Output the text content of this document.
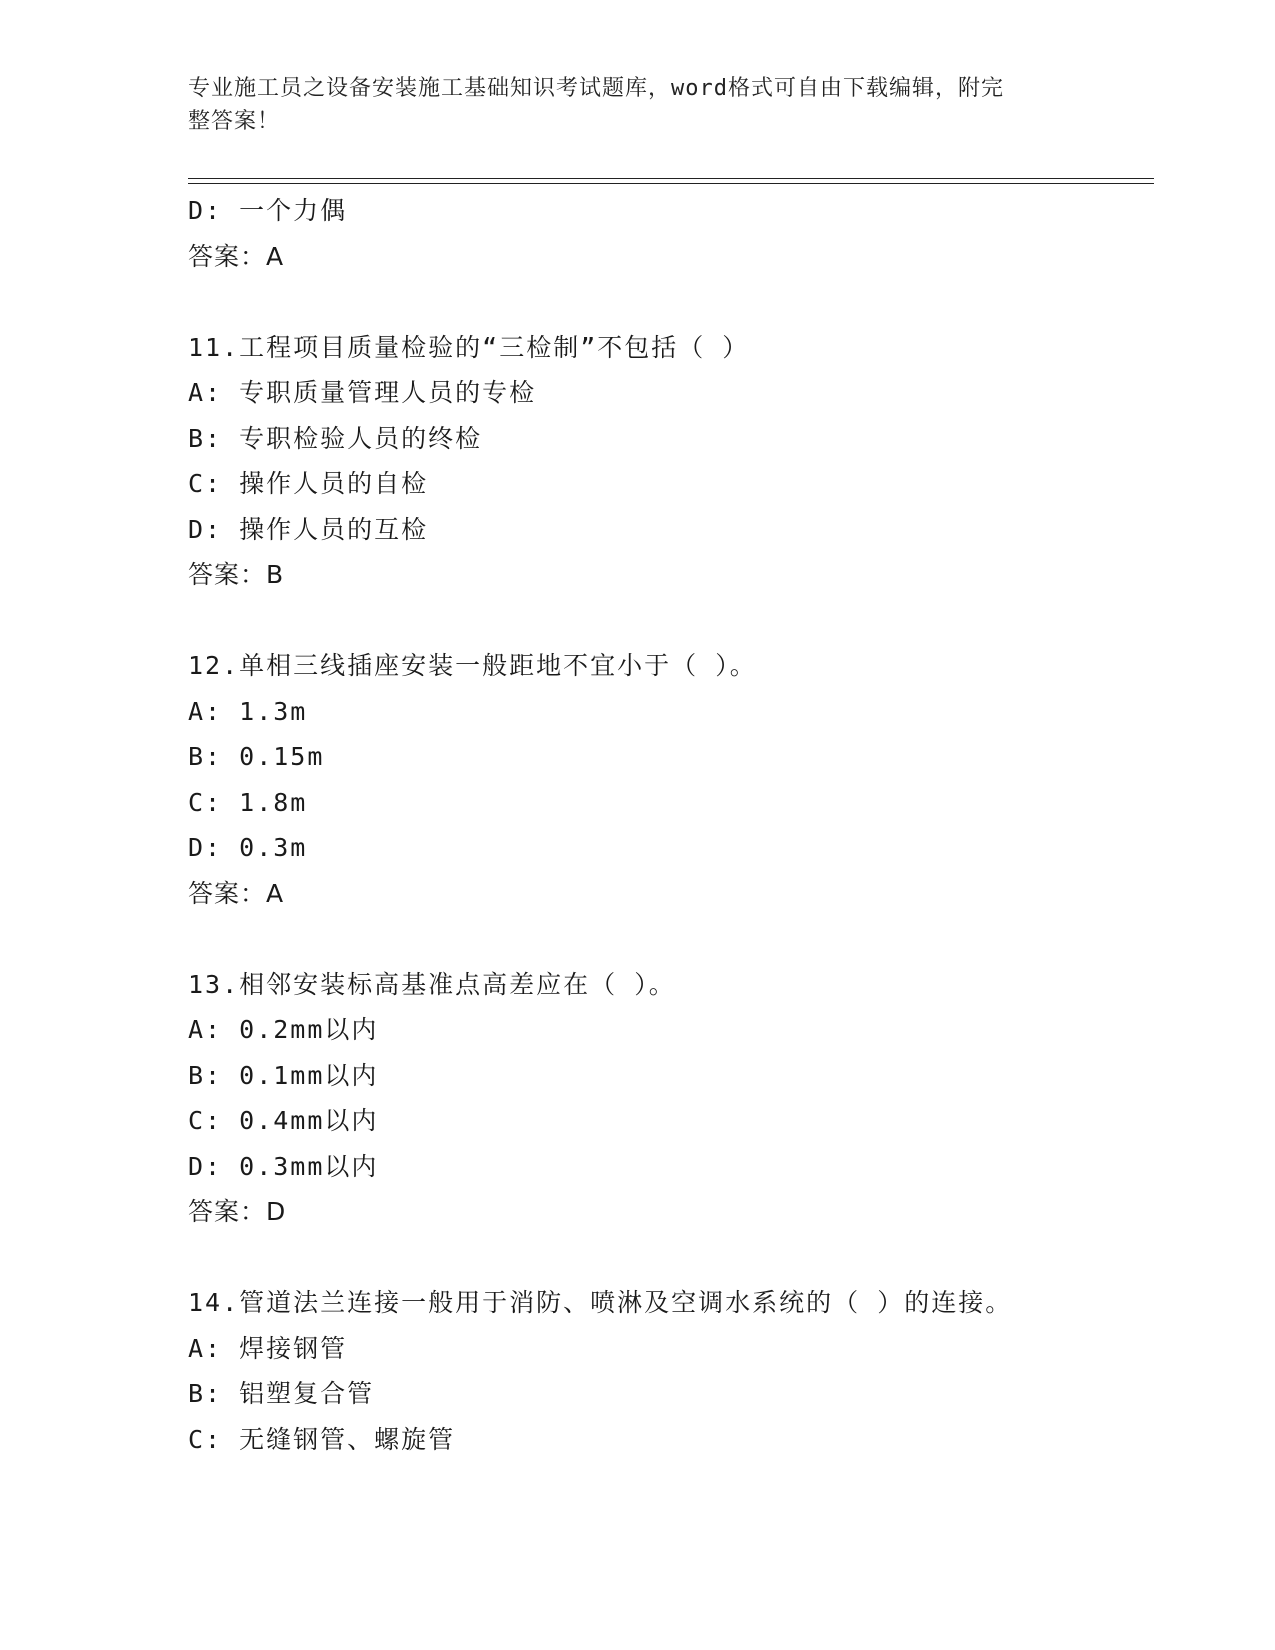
专业施工员之设备安装施工基础知识考试题库，word格式可自由下载编辑，附完
整答案！
D: 一个力偶
答案：A
11.工程项目质量检验的“三检制”不包括（ ）
A: 专职质量管理人员的专检
B: 专职检验人员的终检
C: 操作人员的自检
D: 操作人员的互检
答案：B
12.单相三线插座安装一般距地不宜小于（ ）。
A: 1.3m
B: 0.15m
C: 1.8m
D: 0.3m
答案：A
13.相邻安装标高基准点高差应在（ ）。
A: 0.2mm以内
B: 0.1mm以内
C: 0.4mm以内
D: 0.3mm以内
答案：D
14.管道法兰连接一般用于消防、喷淋及空调水系统的（ ）的连接。
A: 焊接钢管
B: 铝塑复合管
C: 无缝钢管、螺旋管
